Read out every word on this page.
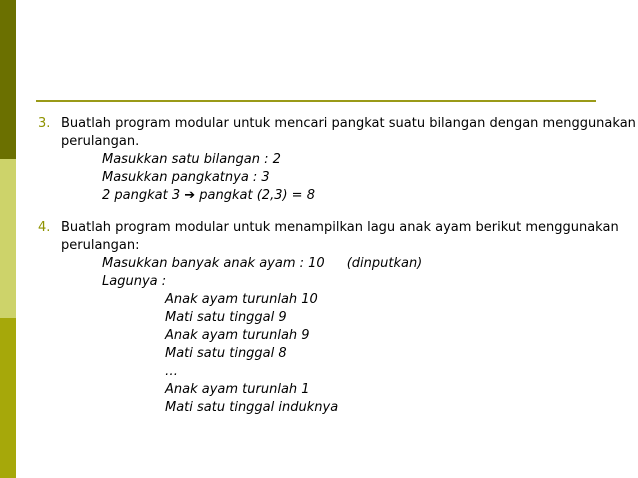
3. Buatlah program modular untuk mencari pangkat suatu bilangan dengan menggunakan
perulangan.
Masukkan satu bilangan : 2
Masukkan pangkatnya : 3
2 pangkat 3 ➔ pangkat (2,3) = 8
4. Buatlah program modular untuk menampilkan lagu anak ayam berikut menggunakan
perulangan:
Masukkan banyak anak ayam : 10 (dinputkan)
Lagunya :
Anak ayam turunlah 10
Mati satu tinggal 9
Anak ayam turunlah 9
Mati satu tinggal 8
…
Anak ayam turunlah 1
Mati satu tinggal induknya
